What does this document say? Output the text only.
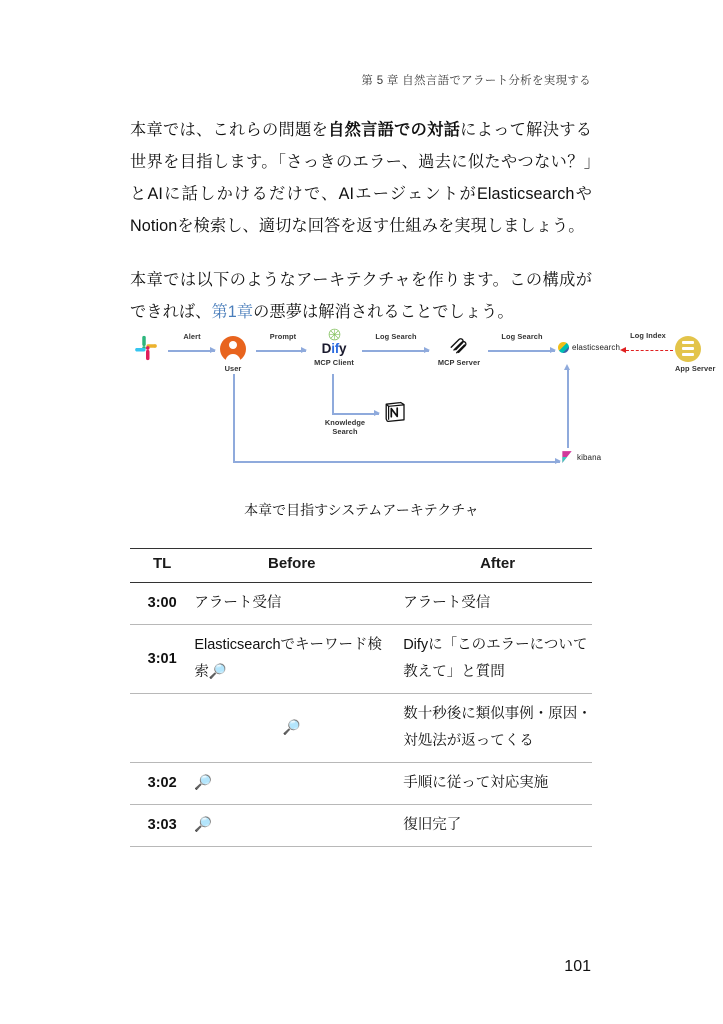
第 5 章 自然言語でアラート分析を実現する

本章では、これらの問題を自然言語での対話によって解決する世界を目指します。「さっきのエラー、過去に似たやつない？」とAIに話しかけるだけで、AIエージェントがElasticsearchやNotionを検索し、適切な回答を返す仕組みを実現しましょう。

本章では以下のようなアーキテクチャを作ります。この構成ができれば、第1章の悪夢は解消されることでしょう。

Alert
User
Prompt
Dify
MCP Client
Log Search
MCP Server
Log Search
elasticsearch
Log Index
App Server
Knowledge
Search
kibana
本章で目指すシステムアーキテクチャ
TL	Before	After
3:00	アラート受信	アラート受信
3:01	Elasticsearchでキーワード検索🔎	Difyに「このエラーについて教えて」と質問
	🔎	数十秒後に類似事例・原因・対処法が返ってくる
3:02	🔎	手順に従って対応実施
3:03	🔎	復旧完了
101
